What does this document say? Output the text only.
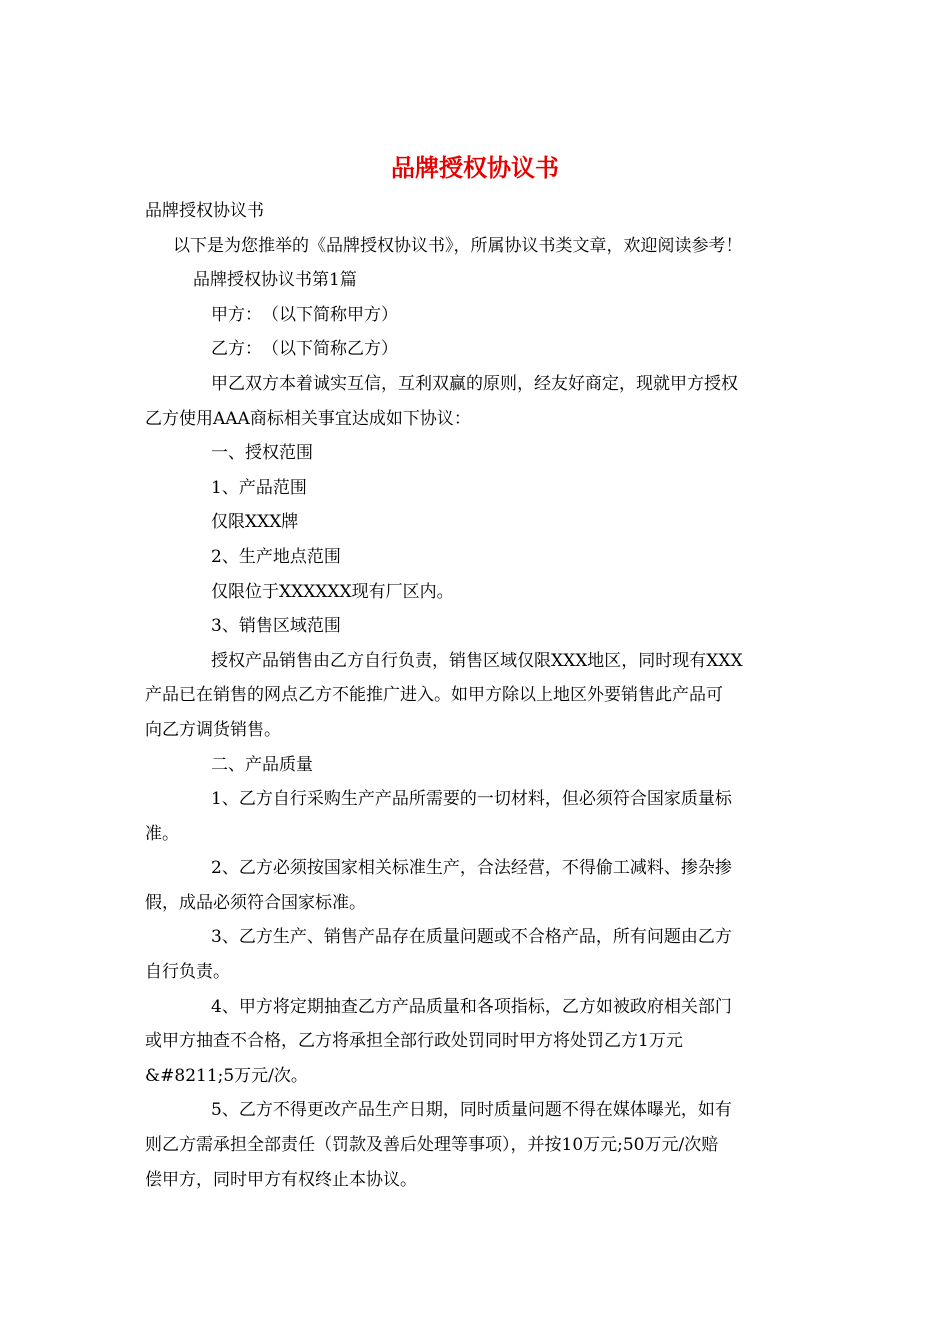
品牌授权协议书
品牌授权协议书
以下是为您推举的《品牌授权协议书》，所属协议书类文章，欢迎阅读参考！
品牌授权协议书第1篇
甲方：　（以下简称甲方）
乙方：　（以下简称乙方）
甲乙双方本着诚实互信，互利双赢的原则，经友好商定，现就甲方授权
乙方使用AAA商标相关事宜达成如下协议：
一、授权范围
1、产品范围
仅限XXX牌
2、生产地点范围
仅限位于XXXXXX现有厂区内。
3、销售区域范围
授权产品销售由乙方自行负责，销售区域仅限XXX地区，同时现有XXX
产品已在销售的网点乙方不能推广进入。如甲方除以上地区外要销售此产品可
向乙方调货销售。
二、产品质量
1、乙方自行采购生产产品所需要的一切材料，但必须符合国家质量标
准。
2、乙方必须按国家相关标准生产，合法经营，不得偷工减料、掺杂掺
假，成品必须符合国家标准。
3、乙方生产、销售产品存在质量问题或不合格产品，所有问题由乙方
自行负责。
4、甲方将定期抽查乙方产品质量和各项指标，乙方如被政府相关部门
或甲方抽查不合格，乙方将承担全部行政处罚同时甲方将处罚乙方1万元
&#8211;5万元/次。
5、乙方不得更改产品生产日期，同时质量问题不得在媒体曝光，如有
则乙方需承担全部责任（罚款及善后处理等事项），并按10万元;50万元/次赔
偿甲方，同时甲方有权终止本协议。
